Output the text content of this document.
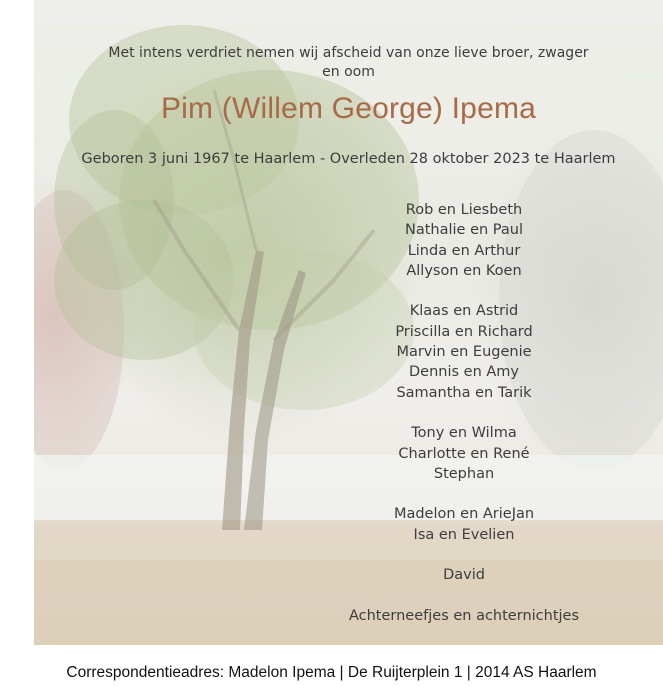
Met intens verdriet nemen wij afscheid van onze lieve broer, zwager
en oom
Pim (Willem George) Ipema
Geboren 3 juni 1967 te Haarlem - Overleden 28 oktober 2023 te Haarlem
Rob en Liesbeth
Nathalie en Paul
Linda en Arthur
Allyson en Koen
Klaas en Astrid
Priscilla en Richard
Marvin en Eugenie
Dennis en Amy
Samantha en Tarik
Tony en Wilma
Charlotte en René
Stephan
Madelon en ArieJan
Isa en Evelien
David
Achterneefjes en achternichtjes
Correspondentieadres: Madelon Ipema | De Ruijterplein 1 | 2014 AS Haarlem
